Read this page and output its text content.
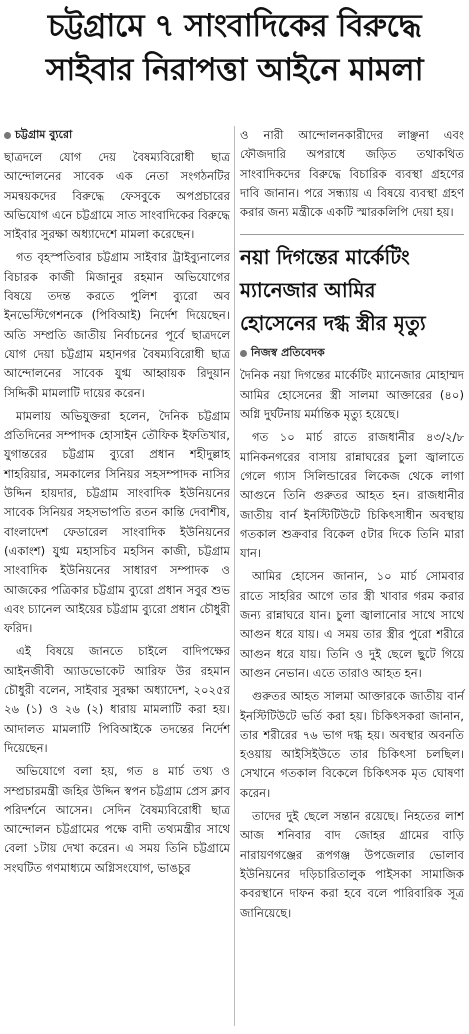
চট্টগ্রামে ৭ সাংবাদিকের বিরুদ্ধে
সাইবার নিরাপত্তা আইনে মামলা
চট্টগ্রাম ব্যুরো

ছাত্রদলে যোগ দেয় বৈষম্যবিরোধী ছাত্র আন্দোলনের সাবেক এক নেতা সংগঠনটির সমন্বয়কদের বিরুদ্ধে ফেসবুকে অপপ্রচারের অভিযোগ এনে চট্টগ্রামে সাত সাংবাদিকের বিরুদ্ধে সাইবার সুরক্ষা অধ্যাদেশে মামলা করেছেন।

গত বৃহস্পতিবার চট্টগ্রাম সাইবার ট্রাইব্যুনালের বিচারক কাজী মিজানুর রহমান অভিযোগের বিষয়ে তদন্ত করতে পুলিশ ব্যুরো অব ইনভেস্টিগেশনকে (পিবিআই) নির্দেশ দিয়েছেন। অতি সম্প্রতি জাতীয় নির্বাচনের পূর্বে ছাত্রদলে যোগ দেয়া চট্টগ্রাম মহানগর বৈষম্যবিরোধী ছাত্র আন্দোলনের সাবেক যুগ্ম আহ্বায়ক রিদুয়ান সিদ্দিকী মামলাটি দায়ের করেন।

মামলায় অভিযুক্তরা হলেন, দৈনিক চট্টগ্রাম প্রতিদিনের সম্পাদক হোসাইন তৌফিক ইফতিখার, যুগান্তরের চট্টগ্রাম ব্যুরো প্রধান শহীদুল্লাহ শাহরিয়ার, সমকালের সিনিয়র সহসম্পাদক নাসির উদ্দিন হায়দার, চট্টগ্রাম সাংবাদিক ইউনিয়নের সাবেক সিনিয়র সহসভাপতি রতন কান্তি দেবাশীষ, বাংলাদেশ ফেডারেল সাংবাদিক ইউনিয়নের (একাংশ) যুগ্ম মহাসচিব মহসিন কাজী, চট্টগ্রাম সাংবাদিক ইউনিয়নের সাধারণ সম্পাদক ও আজকের পত্রিকার চট্টগ্রাম ব্যুরো প্রধান সবুর শুভ এবং চ্যানেল আইয়ের চট্টগ্রাম ব্যুরো প্রধান চৌধুরী ফরিদ।

এই বিষয়ে জানতে চাইলে বাদিপক্ষের আইনজীবী অ্যাডভোকেট আরিফ উর রহমান চৌধুরী বলেন, সাইবার সুরক্ষা অধ্যাদেশ, ২০২৫র ২৬ (১) ও ২৬ (২) ধারায় মামলাটি করা হয়। আদালত মামলাটি পিবিআইকে তদন্তের নির্দেশ দিয়েছেন।

অভিযোগে বলা হয়, গত ৪ মার্চ তথ্য ও সম্প্রচারমন্ত্রী জহির উদ্দিন স্বপন চট্টগ্রাম প্রেস ক্লাব পরিদর্শনে আসেন। সেদিন বৈষম্যবিরোধী ছাত্র আন্দোলন চট্টগ্রামের পক্ষে বাদী তথ্যমন্ত্রীর সাথে বেলা ১টায় দেখা করেন। এ সময় তিনি চট্টগ্রামে সংঘটিত গণমাধ্যমে অগ্নিসংযোগ, ভাঙচুর

ও নারী আন্দোলনকারীদের লাঞ্ছনা এবং ফৌজদারি অপরাধে জড়িত তথাকথিত সাংবাদিকদের বিরুদ্ধে বিচারিক ব্যবস্থা গ্রহণের দাবি জানান। পরে সন্ধ্যায় এ বিষয়ে ব্যবস্থা গ্রহণ করার জন্য মন্ত্রীকে একটি স্মারকলিপি দেয়া হয়।

নয়া দিগন্তের মার্কেটিং
ম্যানেজার আমির
হোসেনের দগ্ধ স্ত্রীর মৃত্যু
নিজস্ব প্রতিবেদক

দৈনিক নয়া দিগন্তের মার্কেটিং ম্যানেজার মোহাম্মদ আমির হোসেনের স্ত্রী সালমা আক্তারের (৪০) অগ্নি দুর্ঘটনায় মর্মান্তিক মৃত্যু হয়েছে।

গত ১০ মার্চ রাতে রাজধানীর ৪৩/২/৮ মানিকনগরের বাসায় রান্নাঘরের চুলা জ্বালাতে গেলে গ্যাস সিলিন্ডারের লিকেজ থেকে লাগা আগুনে তিনি গুরুতর আহত হন। রাজধানীর জাতীয় বার্ন ইনস্টিটিউটে চিকিৎসাধীন অবস্থায় গতকাল শুক্রবার বিকেল ৫টার দিকে তিনি মারা যান।

আমির হোসেন জানান, ১০ মার্চ সোমবার রাতে সাহরির আগে তার স্ত্রী খাবার গরম করার জন্য রান্নাঘরে যান। চুলা জ্বালানোর সাথে সাথে আগুন ধরে যায়। এ সময় তার স্ত্রীর পুরো শরীরে আগুন ধরে যায়। তিনি ও দুই ছেলে ছুটে গিয়ে আগুন নেভান। এতে তারাও আহত হন।

গুরুতর আহত সালমা আক্তারকে জাতীয় বার্ন ইনস্টিটিউটে ভর্তি করা হয়। চিকিৎসকরা জানান, তার শরীরের ৭৬ ভাগ দগ্ধ হয়। অবস্থার অবনতি হওয়ায় আইসিইউতে তার চিকিৎসা চলছিল। সেখানে গতকাল বিকেলে চিকিৎসক মৃত ঘোষণা করেন।

তাদের দুই ছেলে সন্তান রয়েছে। নিহতের লাশ আজ শনিবার বাদ জোহর গ্রামের বাড়ি নারায়ণগঞ্জের রূপগঞ্জ উপজেলার ভোলাব ইউনিয়নের দড়িচারিতালুক পাইসকা সামাজিক কবরস্থানে দাফন করা হবে বলে পারিবারিক সূত্র জানিয়েছে।
